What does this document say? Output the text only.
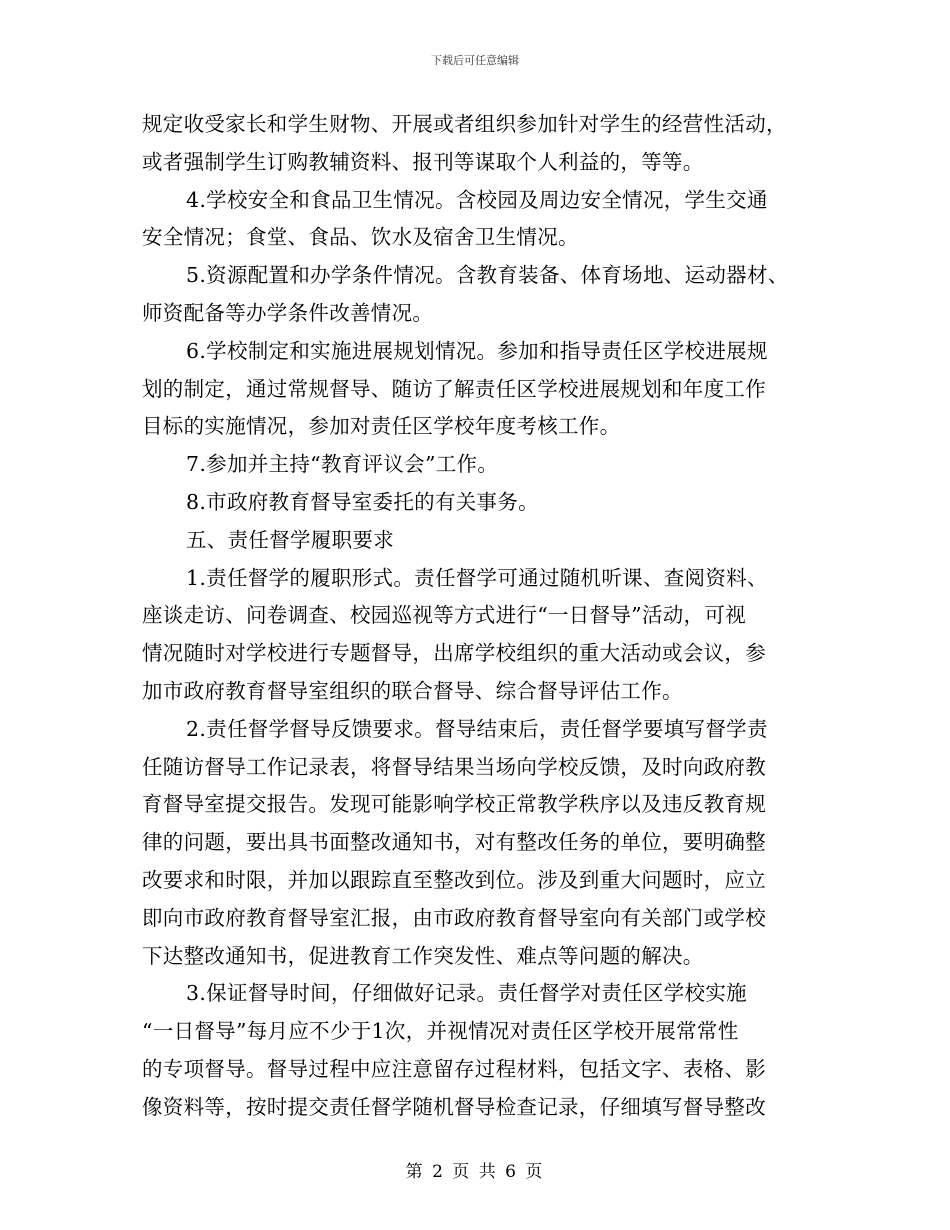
下载后可任意编辑
规定收受家长和学生财物、开展或者组织参加针对学生的经营性活动，
或者强制学生订购教辅资料、报刊等谋取个人利益的，等等。
4.学校安全和食品卫生情况。含校园及周边安全情况，学生交通
安全情况；食堂、食品、饮水及宿舍卫生情况。
5.资源配置和办学条件情况。含教育装备、体育场地、运动器材、
师资配备等办学条件改善情况。
6.学校制定和实施进展规划情况。参加和指导责任区学校进展规
划的制定，通过常规督导、随访了解责任区学校进展规划和年度工作
目标的实施情况，参加对责任区学校年度考核工作。
7.参加并主持“教育评议会”工作。
8.市政府教育督导室委托的有关事务。
五、责任督学履职要求
1.责任督学的履职形式。责任督学可通过随机听课、查阅资料、
座谈走访、问卷调查、校园巡视等方式进行“一日督导”活动，可视
情况随时对学校进行专题督导，出席学校组织的重大活动或会议，参
加市政府教育督导室组织的联合督导、综合督导评估工作。
2.责任督学督导反馈要求。督导结束后，责任督学要填写督学责
任随访督导工作记录表，将督导结果当场向学校反馈，及时向政府教
育督导室提交报告。发现可能影响学校正常教学秩序以及违反教育规
律的问题，要出具书面整改通知书，对有整改任务的单位，要明确整
改要求和时限，并加以跟踪直至整改到位。涉及到重大问题时，应立
即向市政府教育督导室汇报，由市政府教育督导室向有关部门或学校
下达整改通知书，促进教育工作突发性、难点等问题的解决。
3.保证督导时间，仔细做好记录。责任督学对责任区学校实施
“一日督导”每月应不少于1次，并视情况对责任区学校开展常常性
的专项督导。督导过程中应注意留存过程材料，包括文字、表格、影
像资料等，按时提交责任督学随机督导检查记录，仔细填写督导整改
第 2 页 共 6 页
